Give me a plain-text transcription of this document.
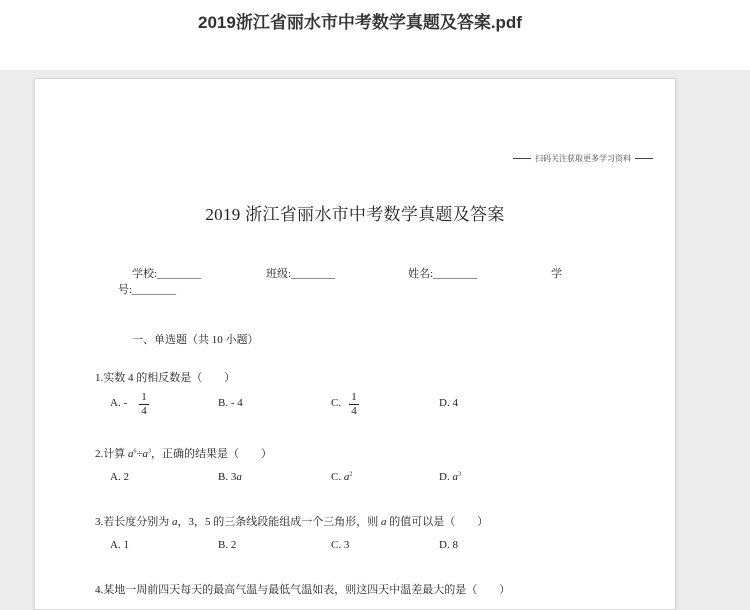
2019浙江省丽水市中考数学真题及答案.pdf
扫码关注获取更多学习资料
2019 浙江省丽水市中考数学真题及答案
学校:________	班级:________	姓名:________	学
号:________
一、单选题（共 10 小题）
1.实数 4 的相反数是（　　）
A. - $\frac{1}{4}$	B. - 4	C. $\frac{1}{4}$	D. 4
2.计算 $a^6\div a^3$，正确的结果是（　　）
A. 2	B. 3a	C. $a^2$	D. $a^3$
3.若长度分别为 a，3，5 的三条线段能组成一个三角形，则 a 的值可以是（　　）
A. 1	B. 2	C. 3	D. 8
4.某地一周前四天每天的最高气温与最低气温如表，则这四天中温差最大的是（　　）
